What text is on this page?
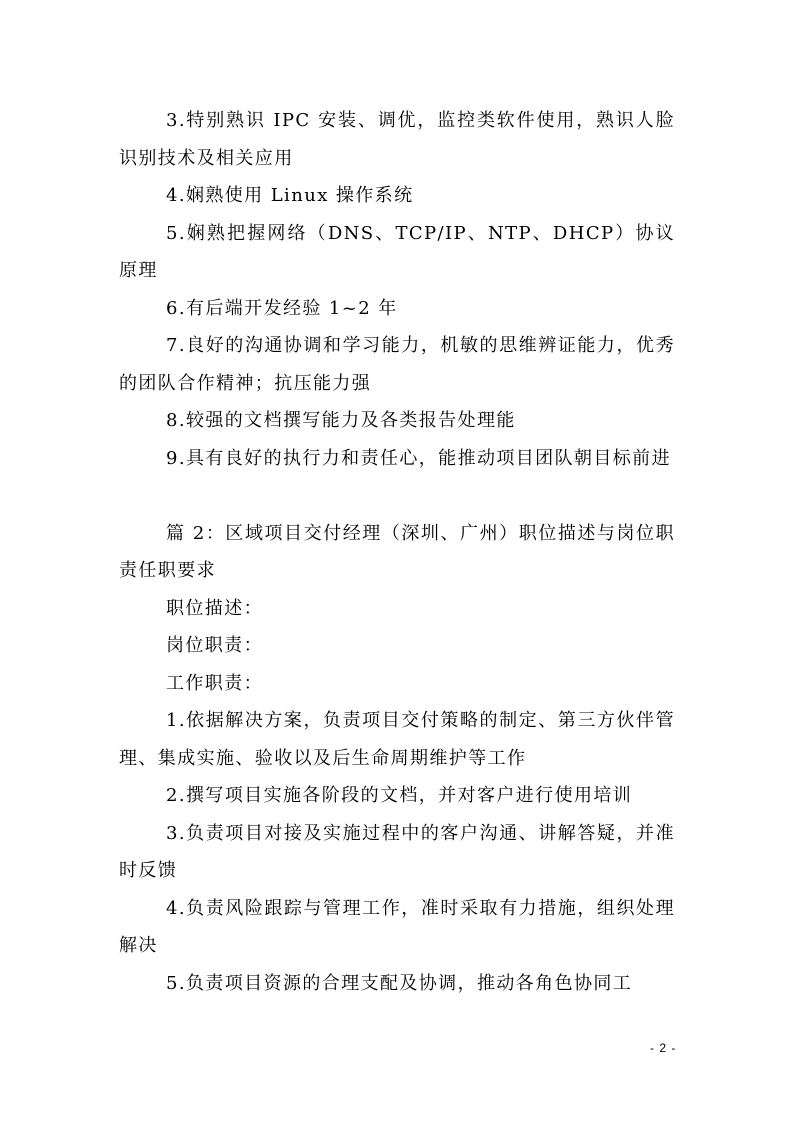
3.特别熟识 IPC 安装、调优，监控类软件使用，熟识人脸识别技术及相关应用

4.娴熟使用 Linux 操作系统

5.娴熟把握网络（DNS、TCP/IP、NTP、DHCP）协议原理

6.有后端开发经验 1~2 年

7.良好的沟通协调和学习能力，机敏的思维辨证能力，优秀的团队合作精神；抗压能力强

8.较强的文档撰写能力及各类报告处理能

9.具有良好的执行力和责任心，能推动项目团队朝目标前进

篇 2：区域项目交付经理（深圳、广州）职位描述与岗位职责任职要求

职位描述：

岗位职责：

工作职责：

1.依据解决方案，负责项目交付策略的制定、第三方伙伴管理、集成实施、验收以及后生命周期维护等工作

2.撰写项目实施各阶段的文档，并对客户进行使用培训

3.负责项目对接及实施过程中的客户沟通、讲解答疑，并准时反馈

4.负责风险跟踪与管理工作，准时采取有力措施，组织处理解决

5.负责项目资源的合理支配及协调，推动各角色协同工

- 2 -
